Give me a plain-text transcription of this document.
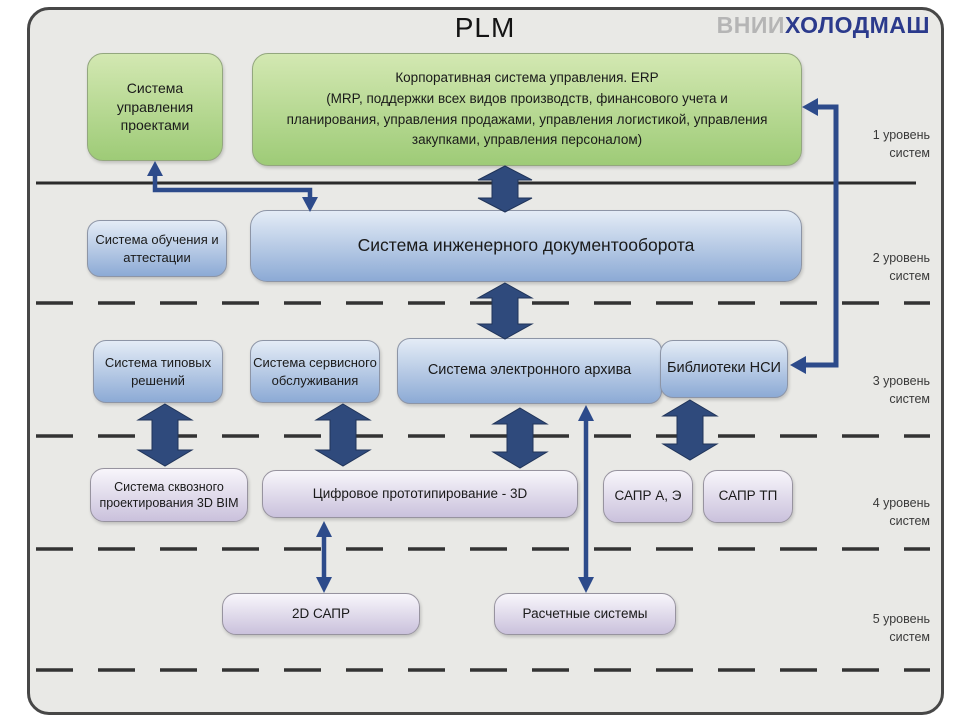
PLM	ВНИИХОЛОДМАШ
1 уровень
систем
2 уровень
систем
3 уровень
систем
4 уровень
систем
5 уровень
систем
Система управления проектами
Корпоративная система управления. ERP
(MRP, поддержки всех видов производств, финансового учета и планирования, управления продажами, управления логистикой, управления закупками, управления персоналом)
Система обучения и аттестации
Система инженерного документооборота
Система типовых решений
Система сервисного обслуживания
Система электронного архива	Библиотеки НСИ
Система сквозного проектирования 3D BIM
Цифровое прототипирование - 3D	САПР А, Э	САПР ТП
2D САПР	Расчетные системы
